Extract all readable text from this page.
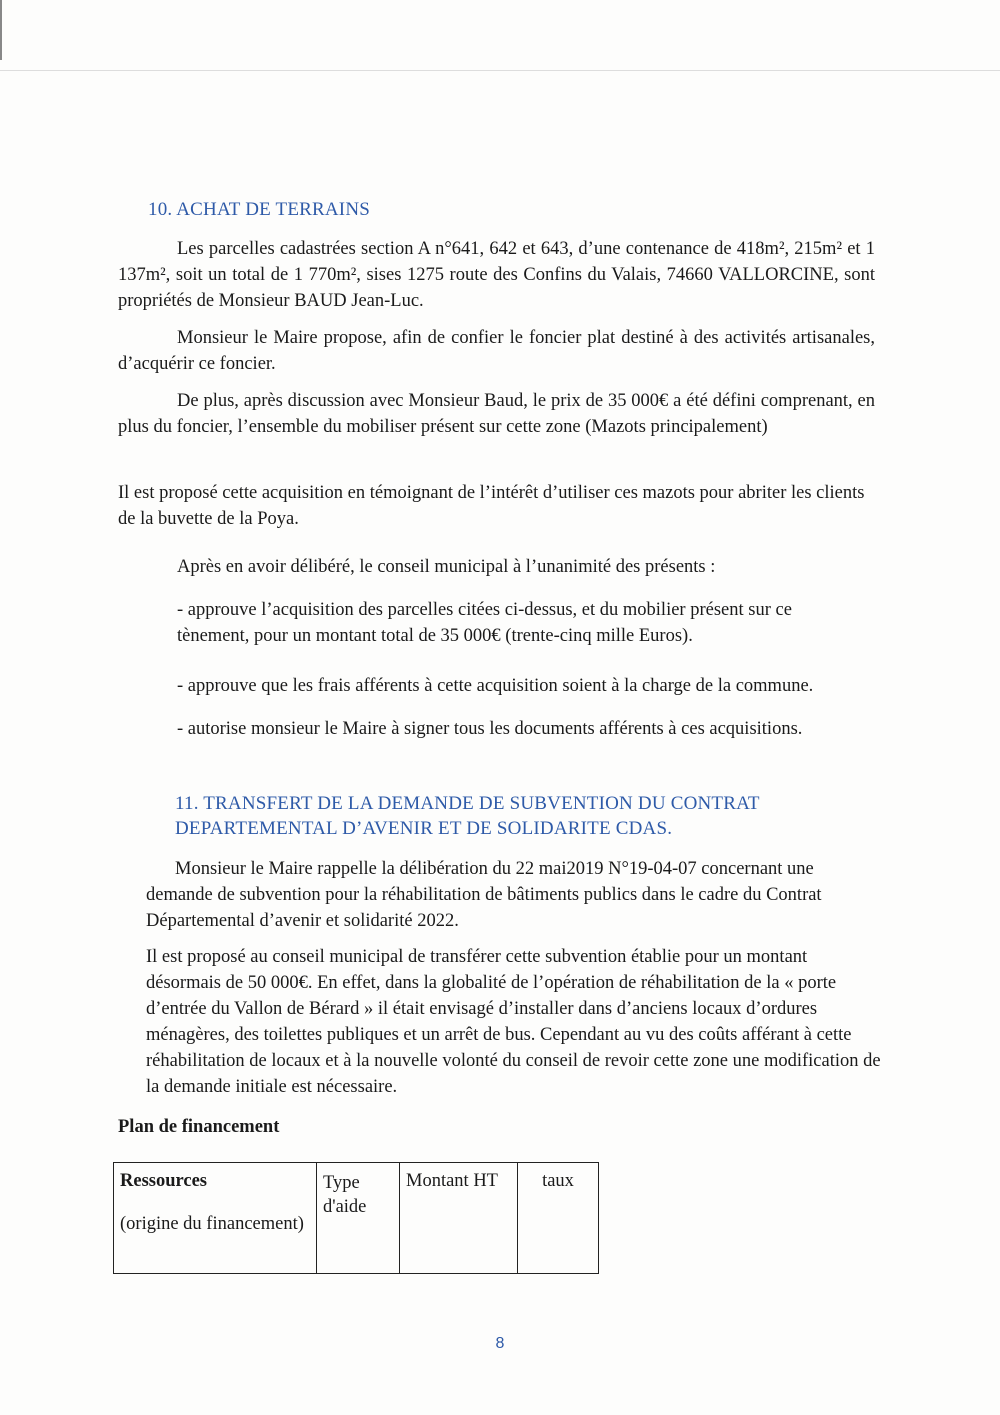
10. ACHAT DE TERRAINS

Les parcelles cadastrées section A n°641, 642 et 643, d’une contenance de 418m², 215m² et 1 137m², soit un total de 1 770m², sises 1275 route des Confins du Valais, 74660 VALLORCINE, sont propriétés de Monsieur BAUD Jean-Luc.

Monsieur le Maire propose, afin de confier le foncier plat destiné à des activités artisanales, d’acquérir ce foncier.

De plus, après discussion avec Monsieur Baud, le prix de 35 000€ a été défini comprenant, en plus du foncier, l’ensemble du mobiliser présent sur cette zone (Mazots principalement)

Il est proposé cette acquisition en témoignant de l’intérêt d’utiliser ces mazots pour abriter les clients de la buvette de la Poya.

Après en avoir délibéré, le conseil municipal à l’unanimité des présents :

- approuve l’acquisition des parcelles citées ci-dessus, et du mobilier présent sur ce tènement, pour un montant total de 35 000€ (trente-cinq mille Euros).

- approuve que les frais afférents à cette acquisition soient à la charge de la commune.

- autorise monsieur le Maire à signer tous les documents afférents à ces acquisitions.

11. TRANSFERT DE LA DEMANDE DE SUBVENTION DU CONTRAT
DEPARTEMENTAL D’AVENIR ET DE SOLIDARITE CDAS.

Monsieur le Maire rappelle la délibération du 22 mai2019 N°19-04-07 concernant une

demande de subvention pour la réhabilitation de bâtiments publics dans le cadre du Contrat Départemental d’avenir et solidarité 2022.

Il est proposé au conseil municipal de transférer cette subvention établie pour un montant désormais de 50 000€. En effet, dans la globalité de l’opération de réhabilitation de la « porte d’entrée du Vallon de Bérard » il était envisagé d’installer dans d’anciens locaux d’ordures ménagères, des toilettes publiques et un arrêt de bus. Cependant au vu des coûts afférant à cette réhabilitation de locaux et à la nouvelle volonté du conseil de revoir cette zone une modification de la demande initiale est nécessaire.

Plan de financement
Ressources
(origine du financement)
	Type d'aide	Montant HT	taux
8
